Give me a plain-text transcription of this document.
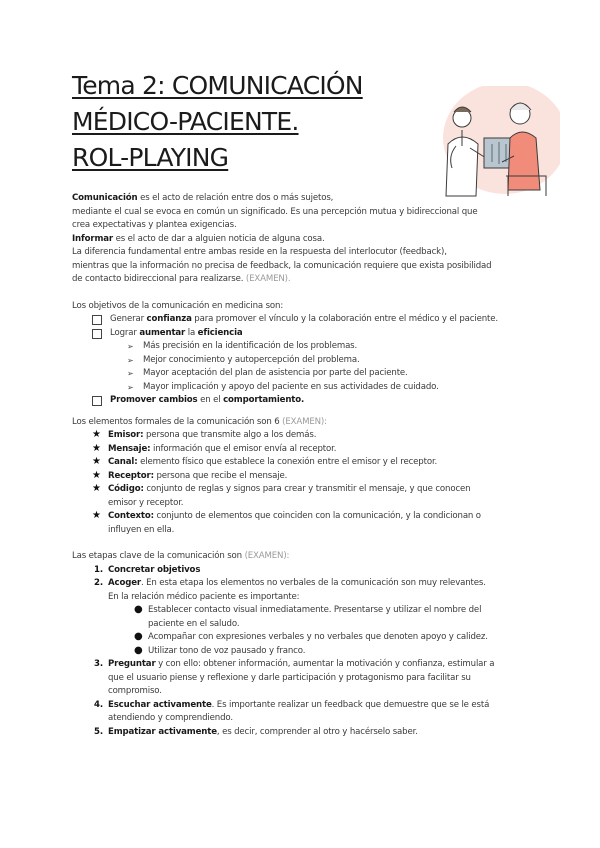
Tema 2: COMUNICACIÓN
MÉDICO-PACIENTE.
ROL-PLAYING

Comunicación es el acto de relación entre dos o más sujetos,
mediante el cual se evoca en común un significado. Es una percepción mutua y bidireccional que
crea expectativas y plantea exigencias.
Informar es el acto de dar a alguien noticia de alguna cosa.
La diferencia fundamental entre ambas reside en la respuesta del interlocutor (feedback),
mientras que la información no precisa de feedback, la comunicación requiere que exista posibilidad
de contacto bidireccional para realizarse. (EXAMEN).

Los objetivos de la comunicación en medicina son:

Generar confianza para promover el vínculo y la colaboración entre el médico y el paciente.
Lograr aumentar la eficiencia
➢	Más precisión en la identificación de los problemas.
➢	Mejor conocimiento y autopercepción del problema.
➢	Mayor aceptación del plan de asistencia por parte del paciente.
➢	Mayor implicación y apoyo del paciente en sus actividades de cuidado.
Promover cambios en el comportamiento.

Los elementos formales de la comunicación son 6 (EXAMEN):

★ Emisor: persona que transmite algo a los demás.
★ Mensaje: información que el emisor envía al receptor.
★ Canal: elemento físico que establece la conexión entre el emisor y el receptor.
★ Receptor: persona que recibe el mensaje.
★ Código: conjunto de reglas y signos para crear y transmitir el mensaje, y que conocen
emisor y receptor.
★ Contexto: conjunto de elementos que coinciden con la comunicación, y la condicionan o
influyen en ella.

Las etapas clave de la comunicación son (EXAMEN):

1. Concretar objetivos
2. Acoger. En esta etapa los elementos no verbales de la comunicación son muy relevantes.
En la relación médico paciente es importante:
● Establecer contacto visual inmediatamente. Presentarse y utilizar el nombre del
paciente en el saludo.
● Acompañar con expresiones verbales y no verbales que denoten apoyo y calidez.
● Utilizar tono de voz pausado y franco.
3. Preguntar y con ello: obtener información, aumentar la motivación y confianza, estimular a
que el usuario piense y reflexione y darle participación y protagonismo para facilitar su
compromiso.
4. Escuchar activamente. Es importante realizar un feedback que demuestre que se le está
atendiendo y comprendiendo.
5. Empatizar activamente, es decir, comprender al otro y hacérselo saber.
